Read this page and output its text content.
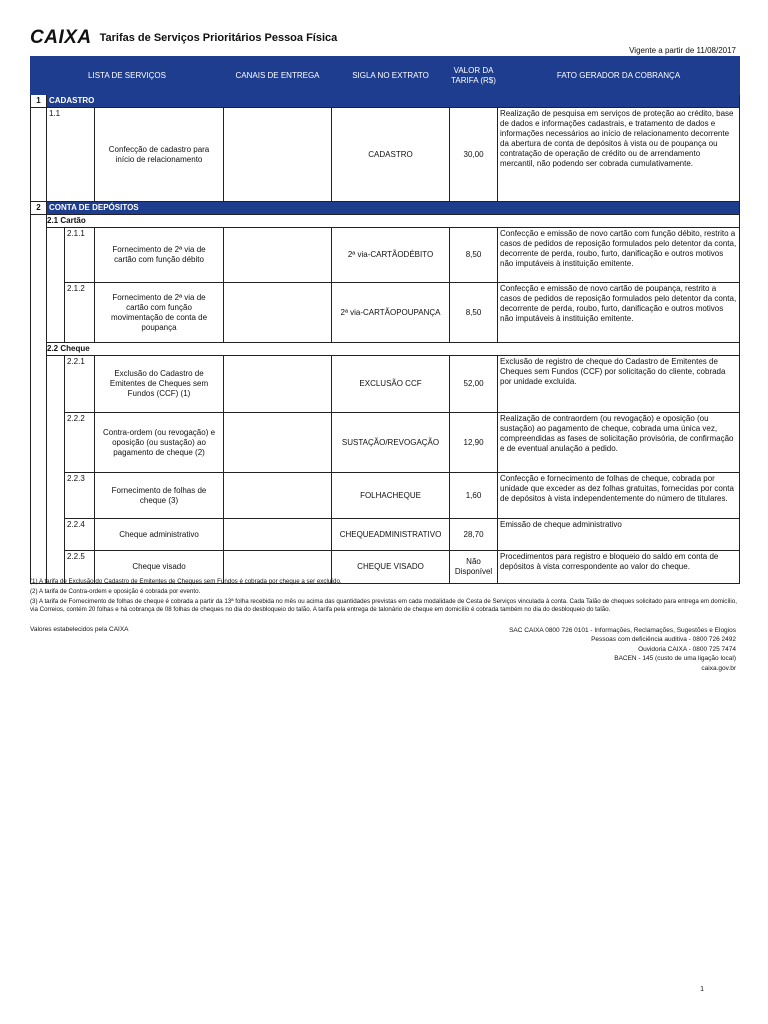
CAIXA Tarifas de Serviços Prioritários Pessoa Física
Vigente a partir de 11/08/2017
LISTA DE SERVIÇOS				CANAIS DE ENTREGA	SIGLA NO EXTRATO	VALOR DA TARIFA (R$)	FATO GERADOR DA COBRANÇA
1	CADASTRO						
	1.1		Confecção de cadastro para início de relacionamento		CADASTRO	30,00	Realização de pesquisa em serviços de proteção ao crédito, base de dados e informações cadastrais, e tratamento de dados e informações necessários ao início de relacionamento decorrente da abertura de conta de depósitos à vista ou de poupança ou contratação de operação de crédito ou de arrendamento mercantil, não podendo ser cobrada cumulativamente.
2	CONTA DE DEPÓSITOS						
	2.1 Cartão						
		2.1.1	Fornecimento de 2ª via de cartão com função débito		2ª via-CARTÃODÉBITO	8,50	Confecção e emissão de novo cartão com função débito, restrito a casos de pedidos de reposição formulados pelo detentor da conta, decorrente de perda, roubo, furto, danificação e outros motivos não imputáveis à instituição emitente.
		2.1.2	Fornecimento de 2ª via de cartão com função movimentação de conta de poupança		2ª via-CARTÃOPOUPANÇA	8,50	Confecção e emissão de novo cartão de poupança, restrito a casos de pedidos de reposição formulados pelo detentor da conta, decorrente de perda, roubo, furto, danificação e outros motivos não imputáveis à instituição emitente.
	2.2 Cheque						
		2.2.1	Exclusão do Cadastro de Emitentes de Cheques sem Fundos (CCF) (1)		EXCLUSÃO CCF	52,00	Exclusão de registro de cheque do Cadastro de Emitentes de Cheques sem Fundos (CCF) por solicitação do cliente, cobrada por unidade excluída.
		2.2.2	Contra-ordem (ou revogação) e oposição (ou sustação) ao pagamento de cheque (2)		SUSTAÇÃO/REVOGAÇÃO	12,90	Realização de contraordem (ou revogação) e oposição (ou sustação) ao pagamento de cheque, cobrada uma única vez, compreendidas as fases de solicitação provisória, de confirmação e de eventual anulação a pedido.
		2.2.3	Fornecimento de folhas de cheque (3)		FOLHACHEQUE	1,60	Confecção e fornecimento de folhas de cheque, cobrada por unidade que exceder as dez folhas gratuitas, fornecidas por conta de depósitos à vista independentemente do número de titulares.
		2.2.4	Cheque administrativo		CHEQUEADMINISTRATIVO	28,70	Emissão de cheque administrativo
		2.2.5	Cheque visado		CHEQUE VISADO	Não Disponível	Procedimentos para registro e bloqueio do saldo em conta de depósitos à vista correspondente ao valor do cheque.

(1) A tarifa de Exclusão do Cadastro de Emitentes de Cheques sem Fundos é cobrada por cheque a ser excluído.

(2) A tarifa de Contra-ordem e oposição é cobrada por evento.

(3) A tarifa de Fornecimento de folhas de cheque é cobrada a partir da 13ª folha recebida no mês ou acima das quantidades previstas em cada modalidade de Cesta de Serviços vinculada à conta. Cada Talão de cheques solicitado para entrega em domicílio, via Correios, contém 20 folhas e há cobrança de 08 folhas de cheques no dia do desbloqueio do talão. A tarifa pela entrega de talonário de cheque em domicílio é cobrada também no dia do desbloqueio do talão.

Valores estabelecidos pela CAIXA	SAC CAIXA 0800 726 0101 - Informações, Reclamações, Sugestões e Elogios
Pessoas com deficiência auditiva - 0800 726 2492
Ouvidoria CAIXA - 0800 725 7474
BACEN - 145 (custo de uma ligação local)
caixa.gov.br
1
